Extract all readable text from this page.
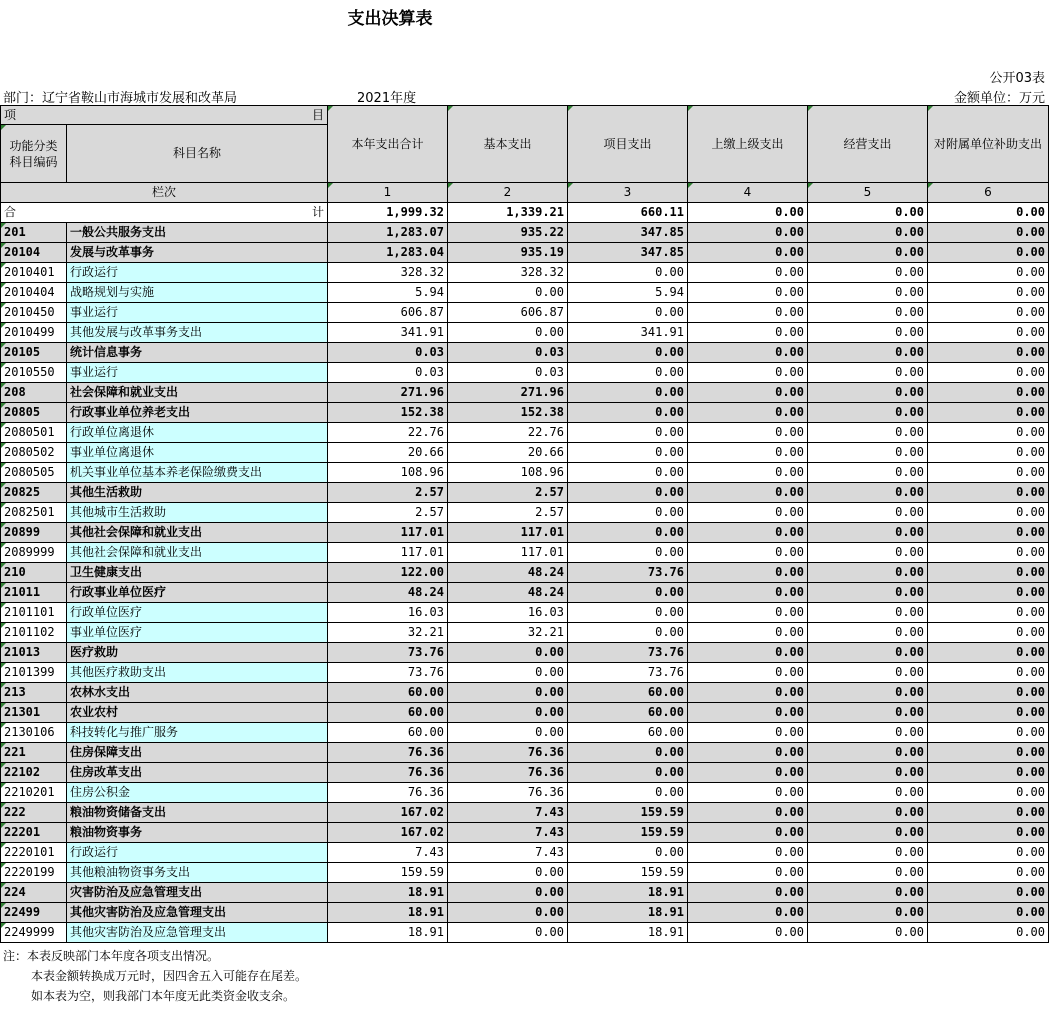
支出决算表
公开03表
部门：辽宁省鞍山市海城市发展和改革局	2021年度	金额单位：万元
项 目		本年支出合计	基本支出	项目支出	上缴上级支出	经营支出	对附属单位补助支出
功能分类科目编码	科目名称						
栏次		1	2	3	4	5	6
合 计		1,999.32	1,339.21	660.11	0.00	0.00	0.00
201	一般公共服务支出	1,283.07	935.22	347.85	0.00	0.00	0.00
20104	发展与改革事务	1,283.04	935.19	347.85	0.00	0.00	0.00
2010401	行政运行	328.32	328.32	0.00	0.00	0.00	0.00
2010404	战略规划与实施	5.94	0.00	5.94	0.00	0.00	0.00
2010450	事业运行	606.87	606.87	0.00	0.00	0.00	0.00
2010499	其他发展与改革事务支出	341.91	0.00	341.91	0.00	0.00	0.00
20105	统计信息事务	0.03	0.03	0.00	0.00	0.00	0.00
2010550	事业运行	0.03	0.03	0.00	0.00	0.00	0.00
208	社会保障和就业支出	271.96	271.96	0.00	0.00	0.00	0.00
20805	行政事业单位养老支出	152.38	152.38	0.00	0.00	0.00	0.00
2080501	行政单位离退休	22.76	22.76	0.00	0.00	0.00	0.00
2080502	事业单位离退休	20.66	20.66	0.00	0.00	0.00	0.00
2080505	机关事业单位基本养老保险缴费支出	108.96	108.96	0.00	0.00	0.00	0.00
20825	其他生活救助	2.57	2.57	0.00	0.00	0.00	0.00
2082501	其他城市生活救助	2.57	2.57	0.00	0.00	0.00	0.00
20899	其他社会保障和就业支出	117.01	117.01	0.00	0.00	0.00	0.00
2089999	其他社会保障和就业支出	117.01	117.01	0.00	0.00	0.00	0.00
210	卫生健康支出	122.00	48.24	73.76	0.00	0.00	0.00
21011	行政事业单位医疗	48.24	48.24	0.00	0.00	0.00	0.00
2101101	行政单位医疗	16.03	16.03	0.00	0.00	0.00	0.00
2101102	事业单位医疗	32.21	32.21	0.00	0.00	0.00	0.00
21013	医疗救助	73.76	0.00	73.76	0.00	0.00	0.00
2101399	其他医疗救助支出	73.76	0.00	73.76	0.00	0.00	0.00
213	农林水支出	60.00	0.00	60.00	0.00	0.00	0.00
21301	农业农村	60.00	0.00	60.00	0.00	0.00	0.00
2130106	科技转化与推广服务	60.00	0.00	60.00	0.00	0.00	0.00
221	住房保障支出	76.36	76.36	0.00	0.00	0.00	0.00
22102	住房改革支出	76.36	76.36	0.00	0.00	0.00	0.00
2210201	住房公积金	76.36	76.36	0.00	0.00	0.00	0.00
222	粮油物资储备支出	167.02	7.43	159.59	0.00	0.00	0.00
22201	粮油物资事务	167.02	7.43	159.59	0.00	0.00	0.00
2220101	行政运行	7.43	7.43	0.00	0.00	0.00	0.00
2220199	其他粮油物资事务支出	159.59	0.00	159.59	0.00	0.00	0.00
224	灾害防治及应急管理支出	18.91	0.00	18.91	0.00	0.00	0.00
22499	其他灾害防治及应急管理支出	18.91	0.00	18.91	0.00	0.00	0.00
2249999	其他灾害防治及应急管理支出	18.91	0.00	18.91	0.00	0.00	0.00
注：本表反映部门本年度各项支出情况。
本表金额转换成万元时，因四舍五入可能存在尾差。
如本表为空，则我部门本年度无此类资金收支余。
